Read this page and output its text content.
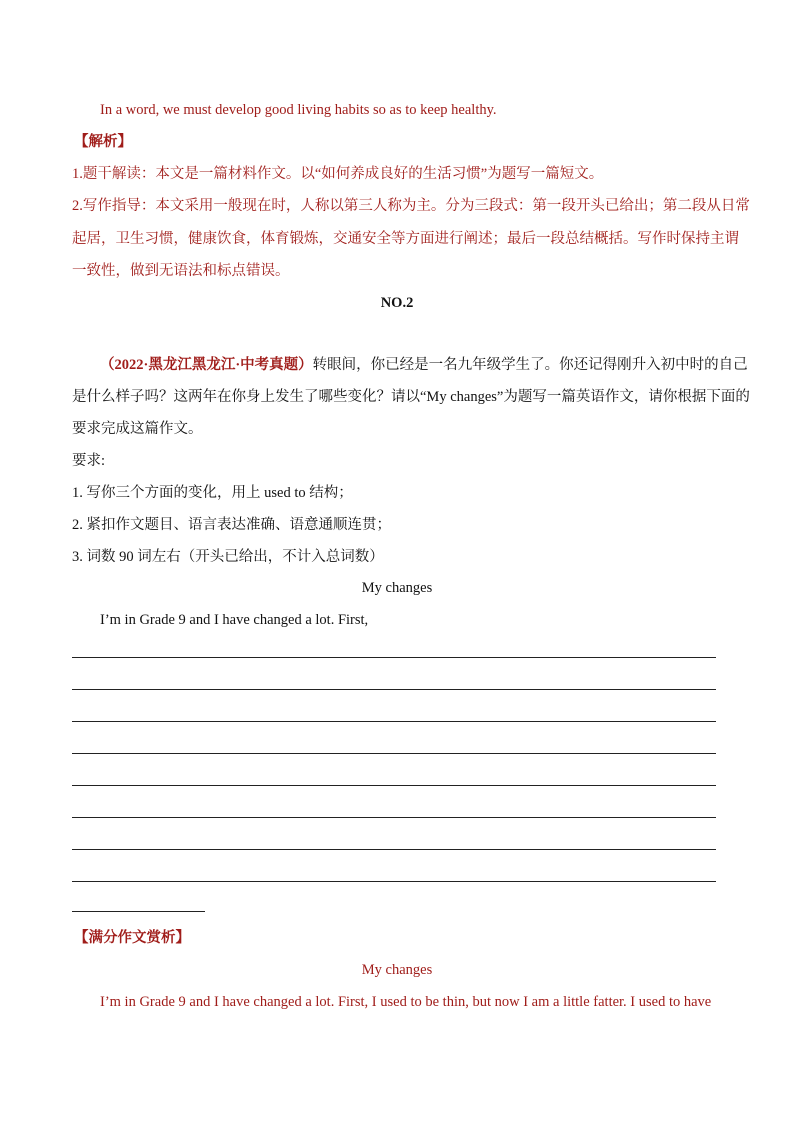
In a word, we must develop good living habits so as to keep healthy.
【解析】
1.题干解读：本文是一篇材料作文。以“如何养成良好的生活习惯”为题写一篇短文。
2.写作指导：本文采用一般现在时，人称以第三人称为主。分为三段式：第一段开头已给出；第二段从日常
起居，卫生习惯，健康饮食，体育锻炼，交通安全等方面进行阐述；最后一段总结概括。写作时保持主谓
一致性，做到无语法和标点错误。
NO.2
（2022·黑龙江黑龙江·中考真题）转眼间，你已经是一名九年级学生了。你还记得刚升入初中时的自己
是什么样子吗？这两年在你身上发生了哪些变化？请以“My changes”为题写一篇英语作文，请你根据下面的
要求完成这篇作文。
要求:
1. 写你三个方面的变化，用上 used to 结构；
2. 紧扣作文题目、语言表达准确、语意通顺连贯；
3. 词数 90 词左右（开头已给出，不计入总词数）
My changes
I’m in Grade 9 and I have changed a lot. First,
【满分作文赏析】
My changes
I’m in Grade 9 and I have changed a lot. First, I used to be thin, but now I am a little fatter. I used to have
